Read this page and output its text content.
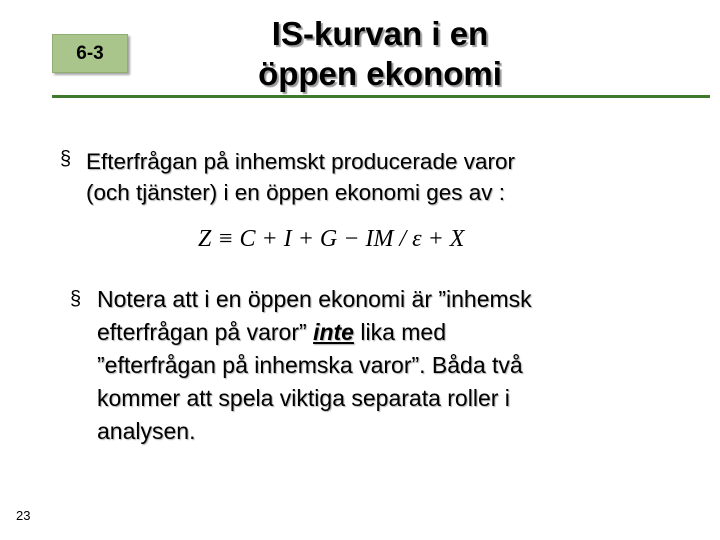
6-3
IS-kurvan i en
öppen ekonomi
§ Efterfrågan på inhemskt producerade varor
(och tjänster) i en öppen ekonomi ges av :
Z ≡ C + I + G − IM / ε + X
§ Notera att i en öppen ekonomi är ”inhemsk
efterfrågan på varor” inte lika med
”efterfrågan på inhemska varor”. Båda två
kommer att spela viktiga separata roller i
analysen.
23
